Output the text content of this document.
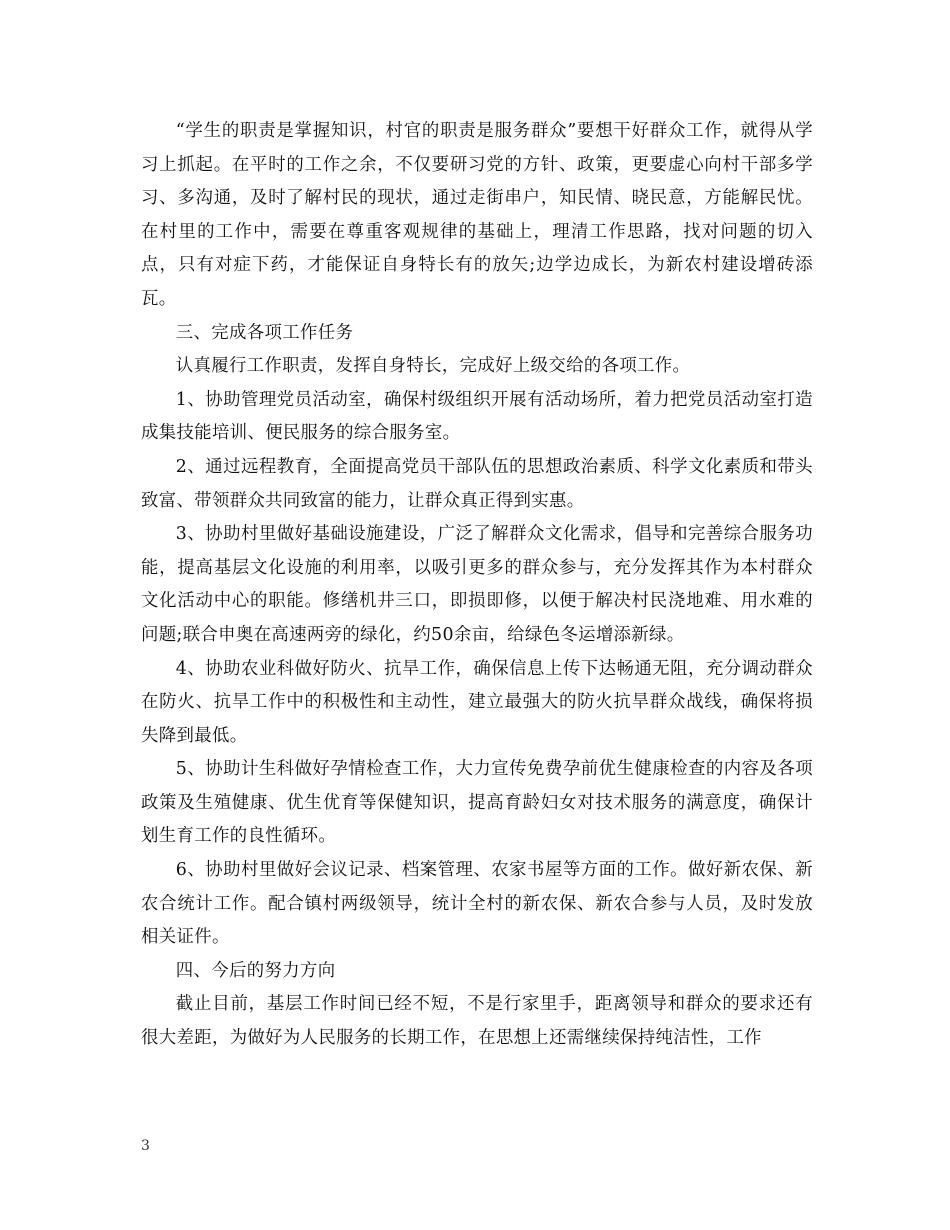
“学生的职责是掌握知识，村官的职责是服务群众”要想干好群众工作，就得从学习上抓起。在平时的工作之余，不仅要研习党的方针、政策，更要虚心向村干部多学习、多沟通，及时了解村民的现状，通过走街串户，知民情、晓民意，方能解民忧。在村里的工作中，需要在尊重客观规律的基础上，理清工作思路，找对问题的切入点，只有对症下药，才能保证自身特长有的放矢;边学边成长，为新农村建设增砖添瓦。

三、完成各项工作任务

认真履行工作职责，发挥自身特长，完成好上级交给的各项工作。

1、协助管理党员活动室，确保村级组织开展有活动场所，着力把党员活动室打造成集技能培训、便民服务的综合服务室。

2、通过远程教育，全面提高党员干部队伍的思想政治素质、科学文化素质和带头致富、带领群众共同致富的能力，让群众真正得到实惠。

3、协助村里做好基础设施建设，广泛了解群众文化需求，倡导和完善综合服务功能，提高基层文化设施的利用率，以吸引更多的群众参与，充分发挥其作为本村群众文化活动中心的职能。修缮机井三口，即损即修，以便于解决村民浇地难、用水难的问题;联合申奥在高速两旁的绿化，约50余亩，给绿色冬运增添新绿。

4、协助农业科做好防火、抗旱工作，确保信息上传下达畅通无阻，充分调动群众在防火、抗旱工作中的积极性和主动性，建立最强大的防火抗旱群众战线，确保将损失降到最低。

5、协助计生科做好孕情检查工作，大力宣传免费孕前优生健康检查的内容及各项政策及生殖健康、优生优育等保健知识，提高育龄妇女对技术服务的满意度，确保计划生育工作的良性循环。

6、协助村里做好会议记录、档案管理、农家书屋等方面的工作。做好新农保、新农合统计工作。配合镇村两级领导，统计全村的新农保、新农合参与人员，及时发放相关证件。

四、今后的努力方向

截止目前，基层工作时间已经不短，不是行家里手，距离领导和群众的要求还有很大差距，为做好为人民服务的长期工作，在思想上还需继续保持纯洁性，工作

3
